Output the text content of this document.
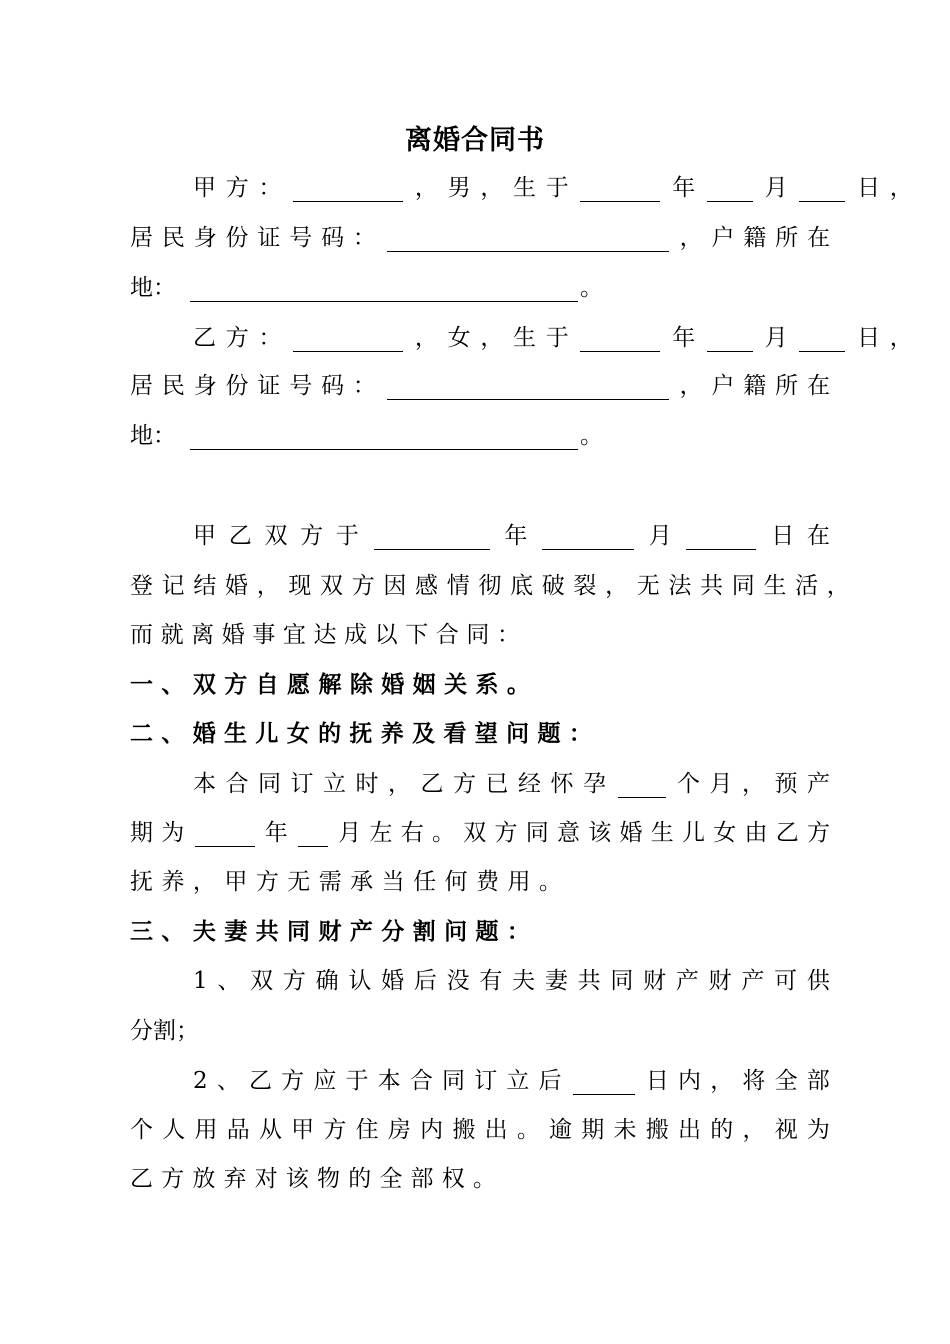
离婚合同书
甲 方 ：	， 男 ， 生 于	年	月	日 ，
居 民 身 份 证 号 码 ：	， 户 籍 所 在
地 ：	。
乙 方 ：	， 女 ， 生 于	年	月	日 ，
居 民 身 份 证 号 码 ：	， 户 籍 所 在
地 ：	。
甲 乙 双 方 于	年	月	日 在
登 记 结 婚 ， 现 双 方 因 感 情 彻 底 破 裂 ， 无 法 共 同 生 活 ，
而 就 离 婚 事 宜 达 成 以 下 合 同 ：
一 、 双 方 自 愿 解 除 婚 姻 关 系 。
二 、 婚 生 儿 女 的 抚 养 及 看 望 问 题 ：
本 合 同 订 立 时 ， 乙 方 已 经 怀 孕	个 月 ， 预 产
期 为	年 月 左 右 。 双 方 同 意 该 婚 生 儿 女 由 乙 方
抚 养 ， 甲 方 无 需 承 当 任 何 费 用 。
三 、 夫 妻 共 同 财 产 分 割 问 题 ：
1 、 双 方 确 认 婚 后 没 有 夫 妻 共 同 财 产 财 产 可 供
分 割 ；
2 、 乙 方 应 于 本 合 同 订 立 后	日 内 ， 将 全 部
个 人 用 品 从 甲 方 住 房 内 搬 出 。 逾 期 未 搬 出 的 ， 视 为
乙 方 放 弃 对 该 物 的 全 部 权 。
